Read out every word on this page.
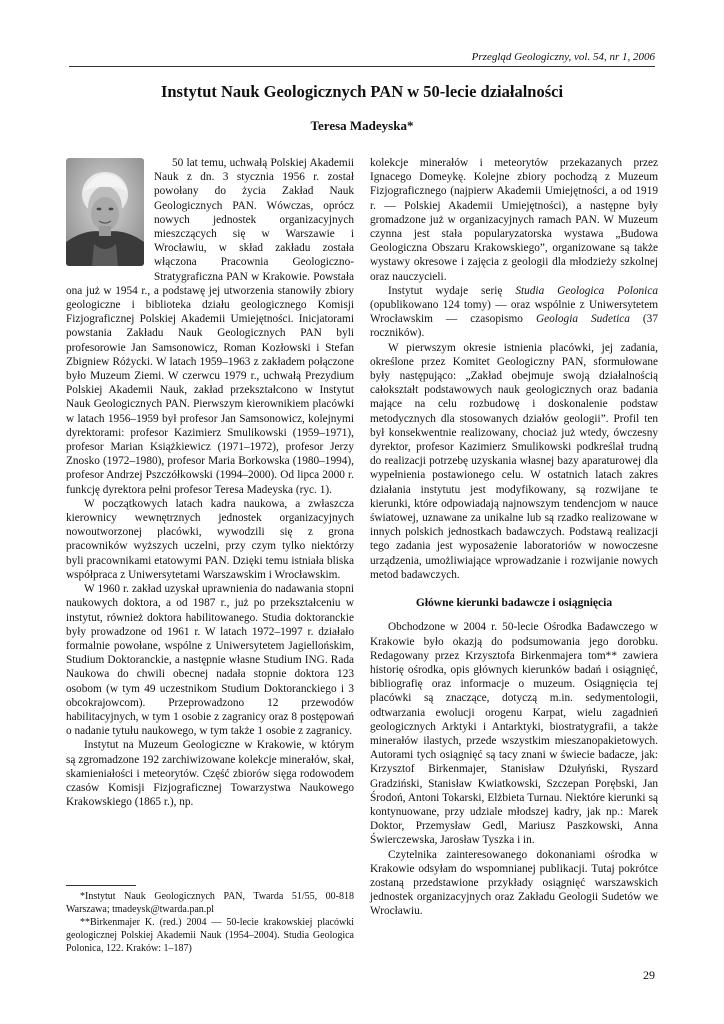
Przegląd Geologiczny, vol. 54, nr 1, 2006
Instytut Nauk Geologicznych PAN w 50-lecie działalności
Teresa Madeyska*

50 lat temu, uchwałą Polskiej Akademii Nauk z dn. 3 stycznia 1956 r. został powołany do życia Zakład Nauk Geologicznych PAN. Wówczas, oprócz nowych jednostek organizacyjnych mieszczących się w Warszawie i Wrocławiu, w skład zakładu została włączona Pracownia Geologiczno-Stratygraficzna PAN w Krakowie. Powstała ona już w 1954 r., a podstawę jej utworzenia stanowiły zbiory geologiczne i biblioteka działu geologicznego Komisji Fizjograficznej Polskiej Akademii Umiejętności. Inicjatorami powstania Zakładu Nauk Geologicznych PAN byli profesorowie Jan Samsonowicz, Roman Kozłowski i Stefan Zbigniew Różycki. W latach 1959–1963 z zakładem połączone było Muzeum Ziemi. W czerwcu 1979 r., uchwałą Prezydium Polskiej Akademii Nauk, zakład przekształcono w Instytut Nauk Geologicznych PAN. Pierwszym kierownikiem placówki w latach 1956–1959 był profesor Jan Samsonowicz, kolejnymi dyrektorami: profesor Kazimierz Smulikowski (1959–1971), profesor Marian Książkiewicz (1971–1972), profesor Jerzy Znosko (1972–1980), profesor Maria Borkowska (1980–1994), profesor Andrzej Pszczółkowski (1994–2000). Od lipca 2000 r. funkcję dyrektora pełni profesor Teresa Madeyska (ryc. 1).

W początkowych latach kadra naukowa, a zwłaszcza kierownicy wewnętrznych jednostek organizacyjnych nowoutworzonej placówki, wywodzili się z grona pracowników wyższych uczelni, przy czym tylko niektórzy byli pracownikami etatowymi PAN. Dzięki temu istniała bliska współpraca z Uniwersytetami Warszawskim i Wrocławskim.

W 1960 r. zakład uzyskał uprawnienia do nadawania stopni naukowych doktora, a od 1987 r., już po przekształceniu w instytut, również doktora habilitowanego. Studia doktoranckie były prowadzone od 1961 r. W latach 1972–1997 r. działało formalnie powołane, wspólne z Uniwersytetem Jagiellońskim, Studium Doktoranckie, a następnie własne Studium ING. Rada Naukowa do chwili obecnej nadała stopnie doktora 123 osobom (w tym 49 uczestnikom Studium Doktoranckiego i 3 obcokrajowcom). Przeprowadzono 12 przewodów habilitacyjnych, w tym 1 osobie z zagranicy oraz 8 postępowań o nadanie tytułu naukowego, w tym także 1 osobie z zagranicy.

Instytut na Muzeum Geologiczne w Krakowie, w którym są zgromadzone 192 zarchiwizowane kolekcje minerałów, skał, skamieniałości i meteorytów. Część zbiorów sięga rodowodem czasów Komisji Fizjograficznej Towarzystwa Naukowego Krakowskiego (1865 r.), np.

kolekcje minerałów i meteorytów przekazanych przez Ignacego Domeykę. Kolejne zbiory pochodzą z Muzeum Fizjograficznego (najpierw Akademii Umiejętności, a od 1919 r. — Polskiej Akademii Umiejętności), a następne były gromadzone już w organizacyjnych ramach PAN. W Muzeum czynna jest stała popularyzatorska wystawa „Budowa Geologiczna Obszaru Krakowskiego”, organizowane są także wystawy okresowe i zajęcia z geologii dla młodzieży szkolnej oraz nauczycieli.

Instytut wydaje serię Studia Geologica Polonica (opublikowano 124 tomy) — oraz wspólnie z Uniwersytetem Wrocławskim — czasopismo Geologia Sudetica (37 roczników).

W pierwszym okresie istnienia placówki, jej zadania, określone przez Komitet Geologiczny PAN, sformułowane były następująco: „Zakład obejmuje swoją działalnością całokształt podstawowych nauk geologicznych oraz badania mające na celu rozbudowę i doskonalenie podstaw metodycznych dla stosowanych działów geologii”. Profil ten był konsekwentnie realizowany, chociaż już wtedy, ówczesny dyrektor, profesor Kazimierz Smulikowski podkreślał trudną do realizacji potrzebę uzyskania własnej bazy aparaturowej dla wypełnienia postawionego celu. W ostatnich latach zakres działania instytutu jest modyfikowany, są rozwijane te kierunki, które odpowiadają najnowszym tendencjom w nauce światowej, uznawane za unikalne lub są rzadko realizowane w innych polskich jednostkach badawczych. Podstawą realizacji tego zadania jest wyposażenie laboratoriów w nowoczesne urządzenia, umożliwiające wprowadzanie i rozwijanie nowych metod badawczych.

Główne kierunki badawcze i osiągnięcia

Obchodzone w 2004 r. 50-lecie Ośrodka Badawczego w Krakowie było okazją do podsumowania jego dorobku. Redagowany przez Krzysztofa Birkenmajera tom** zawiera historię ośrodka, opis głównych kierunków badań i osiągnięć, bibliografię oraz informacje o muzeum. Osiągnięcia tej placówki są znaczące, dotyczą m.in. sedymentologii, odtwarzania ewolucji orogenu Karpat, wielu zagadnień geologicznych Arktyki i Antarktyki, biostratygrafii, a także minerałów ilastych, przede wszystkim mieszanopakietowych. Autorami tych osiągnięć są tacy znani w świecie badacze, jak: Krzysztof Birkenmajer, Stanisław Dżułyński, Ryszard Gradziński, Stanisław Kwiatkowski, Szczepan Porębski, Jan Środoń, Antoni Tokarski, Elżbieta Turnau. Niektóre kierunki są kontynuowane, przy udziale młodszej kadry, jak np.: Marek Doktor, Przemysław Gedl, Mariusz Paszkowski, Anna Świerczewska, Jarosław Tyszka i in.

Czytelnika zainteresowanego dokonaniami ośrodka w Krakowie odsyłam do wspomnianej publikacji. Tutaj pokrótce zostaną przedstawione przykłady osiągnięć warszawskich jednostek organizacyjnych oraz Zakładu Geologii Sudetów we Wrocławiu.

*Instytut Nauk Geologicznych PAN, Twarda 51/55, 00-818 Warszawa; tmadeysk@twarda.pan.pl

**Birkenmajer K. (red.) 2004 — 50-lecie krakowskiej placówki geologicznej Polskiej Akademii Nauk (1954–2004). Studia Geologica Polonica, 122. Kraków: 1–187)

29
